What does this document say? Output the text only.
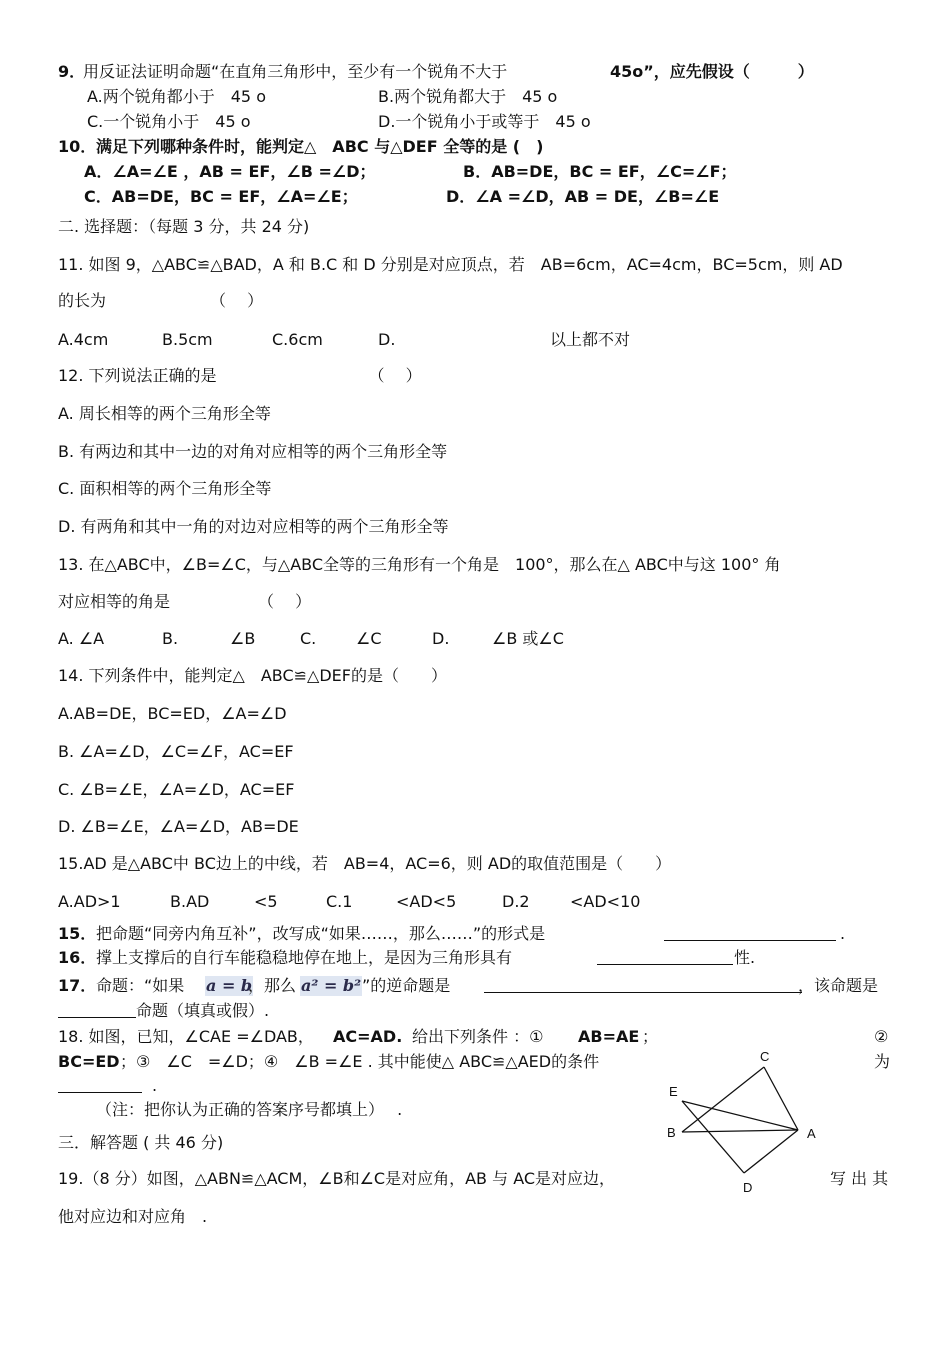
9．
用反证法证明命题“在直角三角形中，至少有一个锐角不大于	45o”，应先假设（　　　）
A.两个锐角都小于　45 o	B.两个锐角都大于　45 o
C.一个锐角小于　45 o	D.一个锐角小于或等于　45 o
10． 满足下列哪种条件时，能判定△　ABC 与△DEF 全等的是 (　)
A．∠A=∠E ，AB = EF，∠B =∠D；	B．AB=DE，BC = EF，∠C=∠F；
C．AB=DE，BC = EF，∠A=∠E；	D．∠A =∠D，AB = DE，∠B=∠E
二. 选择题：（每题 3 分，共 24 分)
11. 如图 9，△ABC≌△BAD，A 和 B.C 和 D 分别是对应顶点，若　AB=6cm，AC=4cm，BC=5cm，则 AD
的长为　　　　　　　（　 ）
A.4cm	B.5cm	C.6cm	D.	以上都不对
12. 下列说法正确的是　　　　　　　　　　（　 ）
A. 周长相等的两个三角形全等
B. 有两边和其中一边的对角对应相等的两个三角形全等
C. 面积相等的两个三角形全等
D. 有两角和其中一角的对边对应相等的两个三角形全等
13. 在△ABC中，∠B=∠C，与△ABC全等的三角形有一个角是　100°，那么在△ ABC中与这 100° 角
对应相等的角是　　　　　　（　 ）
A. ∠A	B.	∠B	C. ∠C	D.	∠B 或∠C
14. 下列条件中，能判定△　ABC≌△DEF的是（　　）
A.AB=DE，BC=ED，∠A=∠D
B. ∠A=∠D，∠C=∠F，AC=EF
C. ∠B=∠E，∠A=∠D，AC=EF
D. ∠B=∠E，∠A=∠D，AB=DE
15.AD 是△ABC中 BC边上的中线，若　AB=4，AC=6，则 AD的取值范围是（　　）
A.AD>1	B.AD	<5	C.1	<AD<5	D.2	<AD<10
15． 把命题“同旁内角互补”，改写成“如果……，那么……”的形式是	.
16． 撑上支撑后的自行车能稳稳地停在地上，是因为三角形具有	性.
17． 命题：“如果 a = b
，那么 a² = b² ”的逆命题是	，该命题是
命题（填真或假）.
18. 如图，已知，∠CAE =∠DAB， AC=AD. 给出下列条件 ：① AB=AE ；	②
BC=ED ；③　∠C　=∠D；④　∠B =∠E . 其中能使△ ABC≌△AED的条件	为
.
（注：把你认为正确的答案序号都填上）　 .
C
E
B	A
D
三．解答题 ( 共 46 分)
19.（8 分）如图，△ABN≌△ACM，∠B和∠C是对应角，AB 与 AC是对应边，	写 出 其
他对应边和对应角　.
